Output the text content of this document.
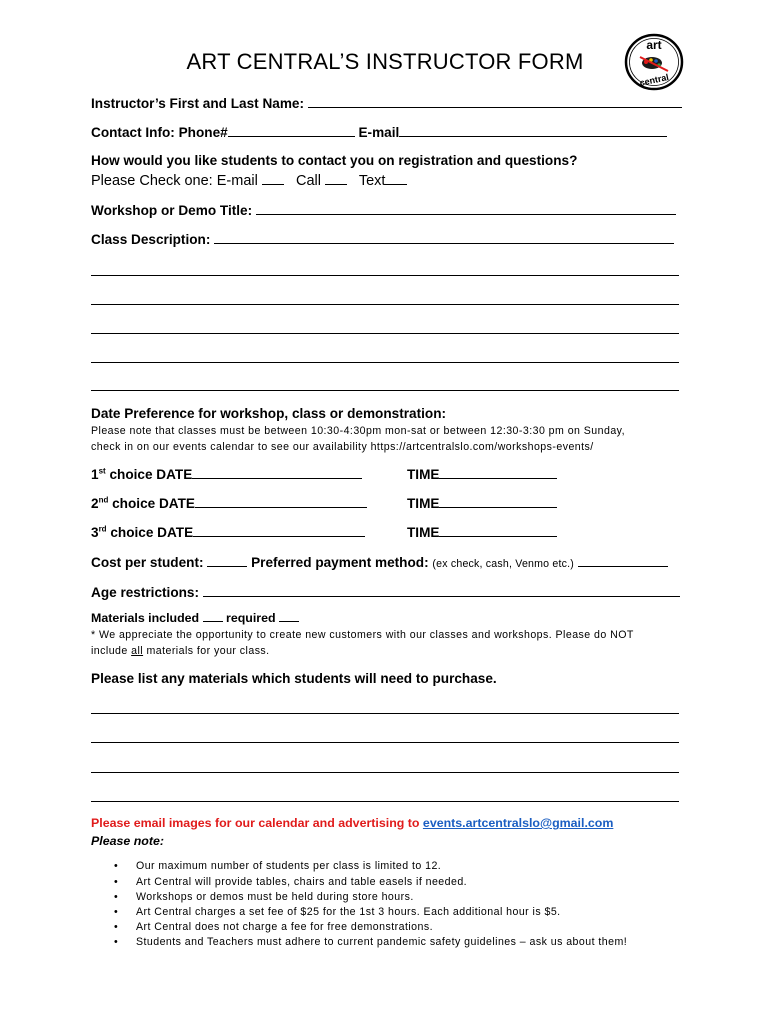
ART CENTRAL’S INSTRUCTOR FORM
art
central
Instructor’s First and Last Name:
Contact Info: Phone#	E-mail
How would you like students to contact you on registration and questions?
Please Check one: E-mail	Call	Text
Workshop or Demo Title:
Class Description:
Date Preference for workshop, class or demonstration:
Please note that classes must be between 10:30-4:30pm mon-sat or between 12:30-3:30 pm on Sunday,
check in on our events calendar to see our availability https://artcentralslo.com/workshops-events/
1st choice DATE	TIME
2nd choice DATE	TIME
3rd choice DATE	TIME
Cost per student:	Preferred payment method: (ex check, cash, Venmo etc.)
Age restrictions:
Materials included required
* We appreciate the opportunity to create new customers with our classes and workshops. Please do NOT
include all materials for your class.
Please list any materials which students will need to purchase.
Please email images for our calendar and advertising to events.artcentralslo@gmail.com
Please note:
• Our maximum number of students per class is limited to 12.
• Art Central will provide tables, chairs and table easels if needed.
• Workshops or demos must be held during store hours.
• Art Central charges a set fee of $25 for the 1st 3 hours. Each additional hour is $5.
• Art Central does not charge a fee for free demonstrations.
• Students and Teachers must adhere to current pandemic safety guidelines – ask us about them!
